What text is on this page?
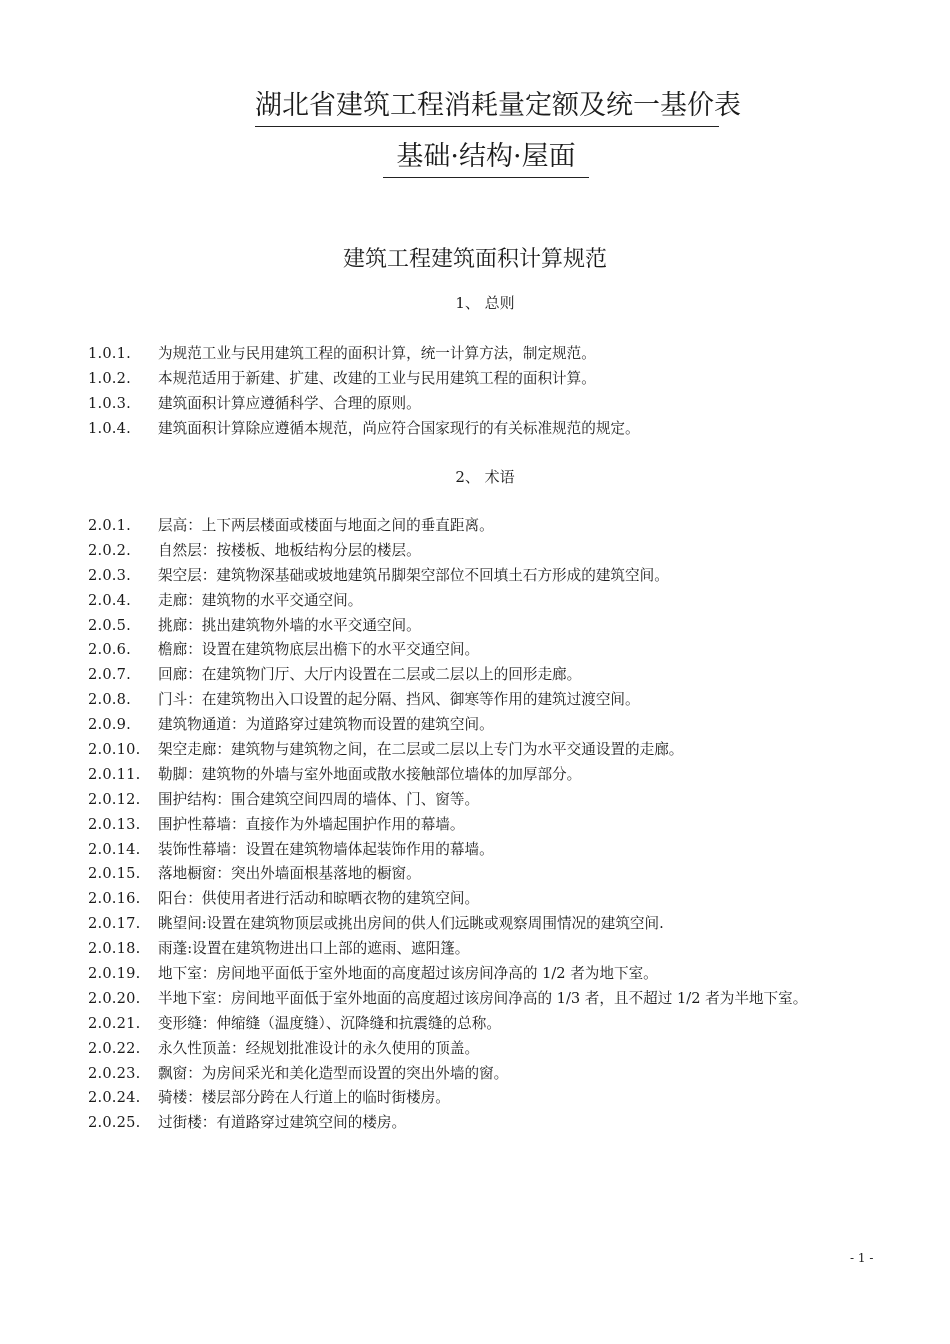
湖北省建筑工程消耗量定额及统一基价表
基础·结构·屋面
建筑工程建筑面积计算规范
1、 总则
1.0.1. 为规范工业与民用建筑工程的面积计算，统一计算方法，制定规范。
1.0.2. 本规范适用于新建、扩建、改建的工业与民用建筑工程的面积计算。
1.0.3. 建筑面积计算应遵循科学、合理的原则。
1.0.4. 建筑面积计算除应遵循本规范，尚应符合国家现行的有关标准规范的规定。
2、 术语
2.0.1. 层高：上下两层楼面或楼面与地面之间的垂直距离。
2.0.2. 自然层：按楼板、地板结构分层的楼层。
2.0.3. 架空层：建筑物深基础或坡地建筑吊脚架空部位不回填土石方形成的建筑空间。
2.0.4. 走廊：建筑物的水平交通空间。
2.0.5. 挑廊：挑出建筑物外墙的水平交通空间。
2.0.6. 檐廊：设置在建筑物底层出檐下的水平交通空间。
2.0.7. 回廊：在建筑物门厅、大厅内设置在二层或二层以上的回形走廊。
2.0.8. 门斗：在建筑物出入口设置的起分隔、挡风、御寒等作用的建筑过渡空间。
2.0.9. 建筑物通道：为道路穿过建筑物而设置的建筑空间。
2.0.10. 架空走廊：建筑物与建筑物之间，在二层或二层以上专门为水平交通设置的走廊。
2.0.11. 勒脚：建筑物的外墙与室外地面或散水接触部位墙体的加厚部分。
2.0.12. 围护结构：围合建筑空间四周的墙体、门、窗等。
2.0.13. 围护性幕墙：直接作为外墙起围护作用的幕墙。
2.0.14. 装饰性幕墙：设置在建筑物墙体起装饰作用的幕墙。
2.0.15. 落地橱窗：突出外墙面根基落地的橱窗。
2.0.16. 阳台：供使用者进行活动和晾晒衣物的建筑空间。
2.0.17. 眺望间:设置在建筑物顶层或挑出房间的供人们远眺或观察周围情况的建筑空间.
2.0.18. 雨蓬:设置在建筑物进出口上部的遮雨、遮阳篷。
2.0.19. 地下室：房间地平面低于室外地面的高度超过该房间净高的 1/2 者为地下室。
2.0.20. 半地下室：房间地平面低于室外地面的高度超过该房间净高的 1/3 者，且不超过 1/2 者为半地下室。
2.0.21. 变形缝：伸缩缝（温度缝）、沉降缝和抗震缝的总称。
2.0.22. 永久性顶盖：经规划批准设计的永久使用的顶盖。
2.0.23. 飘窗：为房间采光和美化造型而设置的突出外墙的窗。
2.0.24. 骑楼：楼层部分跨在人行道上的临时街楼房。
2.0.25. 过街楼：有道路穿过建筑空间的楼房。
- 1 -
